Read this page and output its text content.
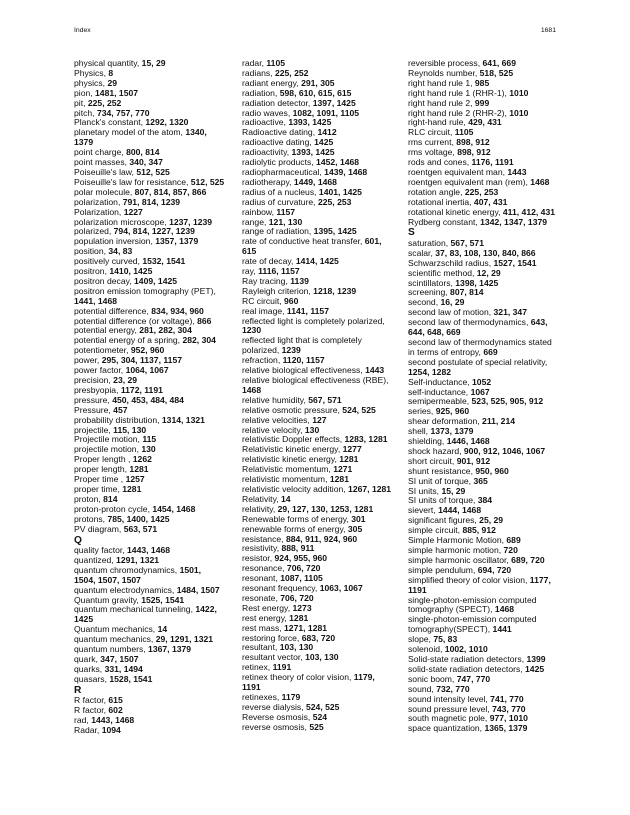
Index	1681
physical quantity, 15, 29
Physics, 8
physics, 29
pion, 1481, 1507
pit, 225, 252
pitch, 734, 757, 770
Planck's constant, 1292, 1320
planetary model of the atom, 1340,
1379
point charge, 800, 814
point masses, 340, 347
Poiseuille's law, 512, 525
Poiseuille's law for resistance, 512, 525
polar molecule, 807, 814, 857, 866
polarization, 791, 814, 1239
Polarization, 1227
polarization microscope, 1237, 1239
polarized, 794, 814, 1227, 1239
population inversion, 1357, 1379
position, 34, 83
positively curved, 1532, 1541
positron, 1410, 1425
positron decay, 1409, 1425
positron emission tomography (PET),
1441, 1468
potential difference, 834, 934, 960
potential difference (or voltage), 866
potential energy, 281, 282, 304
potential energy of a spring, 282, 304
potentiometer, 952, 960
power, 295, 304, 1137, 1157
power factor, 1064, 1067
precision, 23, 29
presbyopia, 1172, 1191
pressure, 450, 453, 484, 484
Pressure, 457
probability distribution, 1314, 1321
projectile, 115, 130
Projectile motion, 115
projectile motion, 130
Proper length , 1262
proper length, 1281
Proper time , 1257
proper time, 1281
proton, 814
proton-proton cycle, 1454, 1468
protons, 785, 1400, 1425
PV diagram, 563, 571
Q
quality factor, 1443, 1468
quantized, 1291, 1321
quantum chromodynamics, 1501,
1504, 1507, 1507
quantum electrodynamics, 1484, 1507
Quantum gravity, 1525, 1541
quantum mechanical tunneling, 1422,
1425
Quantum mechanics, 14
quantum mechanics, 29, 1291, 1321
quantum numbers, 1367, 1379
quark, 347, 1507
quarks, 331, 1494
quasars, 1528, 1541
R
R factor, 615
R factor, 602
rad, 1443, 1468
Radar, 1094
radar, 1105
radians, 225, 252
radiant energy, 291, 305
radiation, 598, 610, 615, 615
radiation detector, 1397, 1425
radio waves, 1082, 1091, 1105
radioactive, 1393, 1425
Radioactive dating, 1412
radioactive dating, 1425
radioactivity, 1393, 1425
radiolytic products, 1452, 1468
radiopharmaceutical, 1439, 1468
radiotherapy, 1449, 1468
radius of a nucleus, 1401, 1425
radius of curvature, 225, 253
rainbow, 1157
range, 121, 130
range of radiation, 1395, 1425
rate of conductive heat transfer, 601,
615
rate of decay, 1414, 1425
ray, 1116, 1157
Ray tracing, 1139
Rayleigh criterion, 1218, 1239
RC circuit, 960
real image, 1141, 1157
reflected light is completely polarized,
1230
reflected light that is completely
polarized, 1239
refraction, 1120, 1157
relative biological effectiveness, 1443
relative biological effectiveness (RBE),
1468
relative humidity, 567, 571
relative osmotic pressure, 524, 525
relative velocities, 127
relative velocity, 130
relativistic Doppler effects, 1283, 1281
Relativistic kinetic energy, 1277
relativistic kinetic energy, 1281
Relativistic momentum, 1271
relativistic momentum, 1281
relativistic velocity addition, 1267, 1281
Relativity, 14
relativity, 29, 127, 130, 1253, 1281
Renewable forms of energy, 301
renewable forms of energy, 305
resistance, 884, 911, 924, 960
resistivity, 888, 911
resistor, 924, 955, 960
resonance, 706, 720
resonant, 1087, 1105
resonant frequency, 1063, 1067
resonate, 706, 720
Rest energy, 1273
rest energy, 1281
rest mass, 1271, 1281
restoring force, 683, 720
resultant, 103, 130
resultant vector, 103, 130
retinex, 1191
retinex theory of color vision, 1179,
1191
retinexes, 1179
reverse dialysis, 524, 525
Reverse osmosis, 524
reverse osmosis, 525
reversible process, 641, 669
Reynolds number, 518, 525
right hand rule 1, 985
right hand rule 1 (RHR-1), 1010
right hand rule 2, 999
right hand rule 2 (RHR-2), 1010
right-hand rule, 429, 431
RLC circuit, 1105
rms current, 898, 912
rms voltage, 898, 912
rods and cones, 1176, 1191
roentgen equivalent man, 1443
roentgen equivalent man (rem), 1468
rotation angle, 225, 253
rotational inertia, 407, 431
rotational kinetic energy, 411, 412, 431
Rydberg constant, 1342, 1347, 1379
S
saturation, 567, 571
scalar, 37, 83, 108, 130, 840, 866
Schwarzschild radius, 1527, 1541
scientific method, 12, 29
scintillators, 1398, 1425
screening, 807, 814
second, 16, 29
second law of motion, 321, 347
second law of thermodynamics, 643,
644, 648, 669
second law of thermodynamics stated
in terms of entropy, 669
second postulate of special relativity,
1254, 1282
Self-inductance, 1052
self-inductance, 1067
semipermeable, 523, 525, 905, 912
series, 925, 960
shear deformation, 211, 214
shell, 1373, 1379
shielding, 1446, 1468
shock hazard, 900, 912, 1046, 1067
short circuit, 901, 912
shunt resistance, 950, 960
SI unit of torque, 365
SI units, 15, 29
SI units of torque, 384
sievert, 1444, 1468
significant figures, 25, 29
simple circuit, 885, 912
Simple Harmonic Motion, 689
simple harmonic motion, 720
simple harmonic oscillator, 689, 720
simple pendulum, 694, 720
simplified theory of color vision, 1177,
1191
single-photon-emission computed
tomography (SPECT), 1468
single-photon-emission computed
tomography(SPECT), 1441
slope, 75, 83
solenoid, 1002, 1010
Solid-state radiation detectors, 1399
solid-state radiation detectors, 1425
sonic boom, 747, 770
sound, 732, 770
sound intensity level, 741, 770
sound pressure level, 743, 770
south magnetic pole, 977, 1010
space quantization, 1365, 1379
